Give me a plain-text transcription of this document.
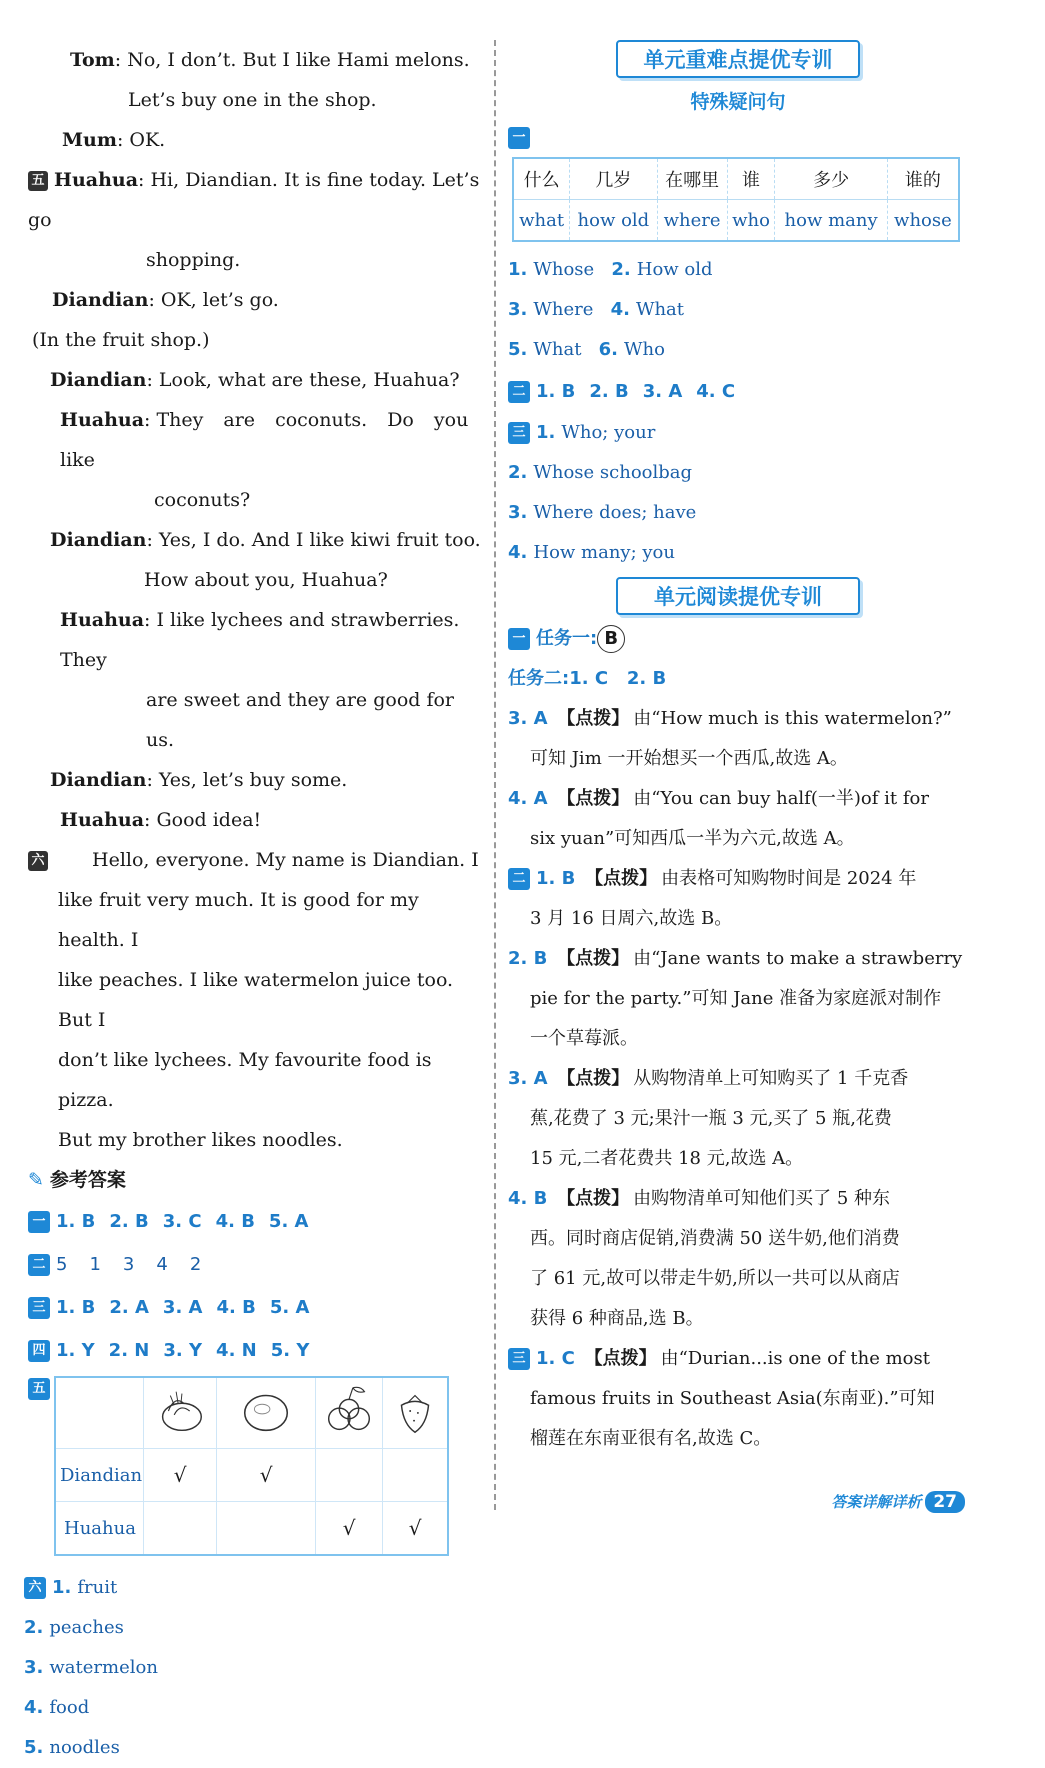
Tom: No, I don’t. But I like Hami melons.
Let’s buy one in the shop.
Mum: OK.
五 Huahua: Hi, Diandian. It is fine today. Let’s go
shopping.
Diandian: OK, let’s go.
(In the fruit shop.)
Diandian: Look, what are these, Huahua?
Huahua: They are coconuts. Do you like
coconuts?
Diandian: Yes, I do. And I like kiwi fruit too.
How about you, Huahua?
Huahua: I like lychees and strawberries. They
are sweet and they are good for us.
Diandian: Yes, let’s buy some.
Huahua: Good idea!
六	Hello, everyone. My name is Diandian. I
like fruit very much. It is good for my health. I
like peaches. I like watermelon juice too. But I
don’t like lychees. My favourite food is pizza.
But my brother likes noodles.
✎ 参考答案
一 1. B 2. B 3. C 4. B 5. A
二 5 1 3 4 2
三 1. B 2. A 3. A 4. B 5. A
四 1. Y 2. N 3. Y 4. N 5. Y
五

Diandian	√	√		
Huahua			√	√
六 1. fruit
2. peaches
3. watermelon
4. food
5. noodles
单元重难点提优专训
特殊疑问句
一
什么	几岁	在哪里	谁	多少	谁的
what	how old	where	who	how many	whose
1. Whose 2. How old
3. Where 4. What
5. What 6. Who
二 1. B 2. B 3. A 4. C
三 1. Who; your
2. Whose schoolbag
3. Where does; have
4. How many; you
单元阅读提优专训
一 任务一: B
任务二:1. C 2. B
3. A 【点拨】 由“How much is this watermelon?”
可知 Jim 一开始想买一个西瓜,故选 A。
4. A 【点拨】 由“You can buy half(一半)of it for
six yuan”可知西瓜一半为六元,故选 A。
二 1. B 【点拨】 由表格可知购物时间是 2024 年
3 月 16 日周六,故选 B。
2. B 【点拨】 由“Jane wants to make a strawberry
pie for the party.”可知 Jane 准备为家庭派对制作
一个草莓派。
3. A 【点拨】 从购物清单上可知购买了 1 千克香
蕉,花费了 3 元;果汁一瓶 3 元,买了 5 瓶,花费
15 元,二者花费共 18 元,故选 A。
4. B 【点拨】 由购物清单可知他们买了 5 种东
西。同时商店促销,消费满 50 送牛奶,他们消费
了 61 元,故可以带走牛奶,所以一共可以从商店
获得 6 种商品,选 B。
三 1. C 【点拨】 由“Durian...is one of the most
famous fruits in Southeast Asia(东南亚).”可知
榴莲在东南亚很有名,故选 C。
答案详解详析 27
